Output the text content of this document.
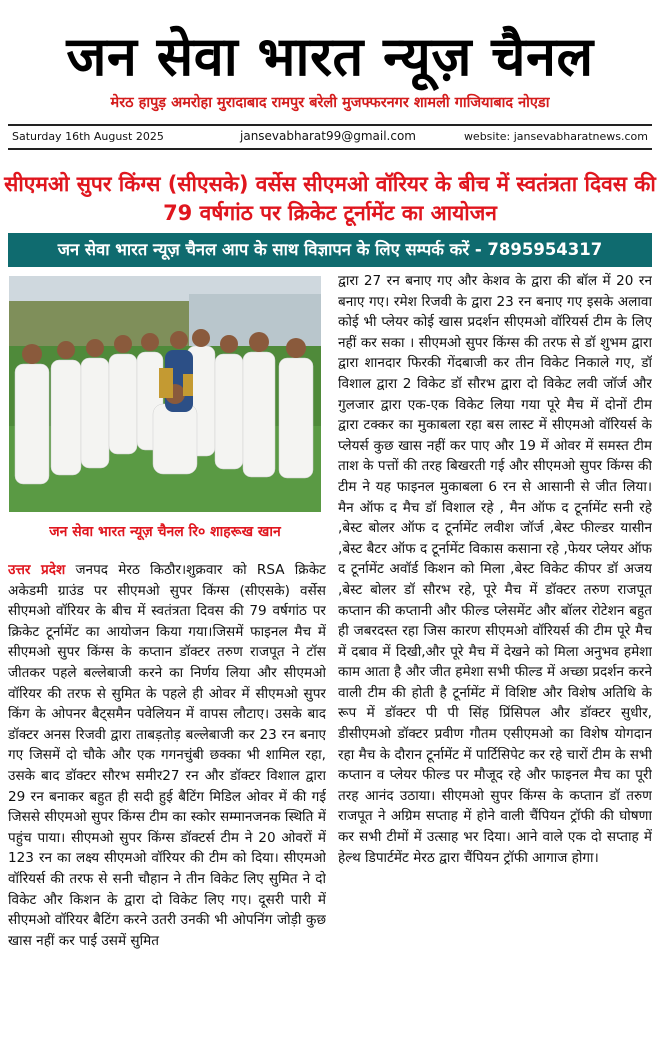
जन सेवा भारत न्यूज़ चैनल
मेरठ हापुड़ अमरोहा मुरादाबाद रामपुर बरेली मुजफ्फरनगर शामली गाजियाबाद नोएडा
Saturday 16th August 2025	jansevabharat99@gmail.com	website: jansevabharatnews.com
सीएमओ सुपर किंग्स (सीएसके) वर्सेस सीएमओ वॉरियर के बीच में स्वतंत्रता दिवस की 79 वर्षगांठ पर क्रिकेट टूर्नामेंट का आयोजन
जन सेवा भारत न्यूज़ चैनल आप के साथ विज्ञापन के लिए सम्पर्क करें - 7895954317
जन सेवा भारत न्यूज़ चैनल रि० शाहरूख खान
उत्तर प्रदेश जनपद मेरठ किठौर।शुक्रवार को RSA क्रिकेट अकेडमी ग्राउंड पर सीएमओ सुपर किंग्स (सीएसके) वर्सेस सीएमओ वॉरियर के बीच में स्वतंत्रता दिवस की 79 वर्षगांठ पर क्रिकेट टूर्नामेंट का आयोजन किया गया।जिसमें फाइनल मैच में सीएमओ सुपर किंग्स के कप्तान डॉक्टर तरुण राजपूत ने टॉस जीतकर पहले बल्लेबाजी करने का निर्णय लिया और सीएमओ वॉरियर की तरफ से सुमित के पहले ही ओवर में सीएमओ सुपर किंग के ओपनर बैट्समैन पवेलियन में वापस लौटाए। उसके बाद डॉक्टर अनस रिजवी द्वारा ताबड़तोड़ बल्लेबाजी कर 23 रन बनाए गए जिसमें दो चौके और एक गगनचुंबी छक्का भी शामिल रहा, उसके बाद डॉक्टर सौरभ समीर27 रन और डॉक्टर विशाल द्वारा 29 रन बनाकर बहुत ही सदी हुई बैटिंग मिडिल ओवर में की गई जिससे सीएमओ सुपर किंग्स टीम का स्कोर सम्मानजनक स्थिति में पहुंच पाया। सीएमओ सुपर किंग्स डॉक्टर्स टीम ने 20 ओवरों में 123 रन का लक्ष्य सीएमओ वॉरियर की टीम को दिया। सीएमओ वॉरियर्स की तरफ से सनी चौहान ने तीन विकेट लिए सुमित ने दो विकेट और किशन के द्वारा दो विकेट लिए गए। दूसरी पारी में सीएमओ वॉरियर बैटिंग करने उतरी उनकी भी ओपनिंग जोड़ी कुछ खास नहीं कर पाई उसमें सुमित
द्वारा 27 रन बनाए गए और केशव के द्वारा की बॉल में 20 रन बनाए गए। रमेश रिजवी के द्वारा 23 रन बनाए गए इसके अलावा कोई भी प्लेयर कोई खास प्रदर्शन सीएमओ वॉरियर्स टीम के लिए नहीं कर सका । सीएमओ सुपर किंग्स की तरफ से डॉ शुभम द्वारा द्वारा शानदार फिरकी गेंदबाजी कर तीन विकेट निकाले गए, डॉ विशाल द्वारा 2 विकेट डॉ सौरभ द्वारा दो विकेट लवी जॉर्ज और गुलजार द्वारा एक-एक विकेट लिया गया पूरे मैच में दोनों टीम द्वारा टक्कर का मुकाबला रहा बस लास्ट में सीएमओ वॉरियर्स के प्लेयर्स कुछ खास नहीं कर पाए और 19 में ओवर में समस्त टीम ताश के पत्तों की तरह बिखरती गई और सीएमओ सुपर किंग्स की टीम ने यह फाइनल मुकाबला 6 रन से आसानी से जीत लिया। मैन ऑफ द मैच डॉ विशाल रहे , मैन ऑफ द टूर्नामेंट सनी रहे ,बेस्ट बोलर ऑफ द टूर्नामेंट लवीश जॉर्ज ,बेस्ट फील्डर यासीन ,बेस्ट बैटर ऑफ द टूर्नामेंट विकास कसाना रहे ,फेयर प्लेयर ऑफ द टूर्नामेंट अवॉर्ड किशन को मिला ,बेस्ट विकेट कीपर डॉ अजय ,बेस्ट बोलर डॉ सौरभ रहे, पूरे मैच में डॉक्टर तरुण राजपूत कप्तान की कप्तानी और फील्ड प्लेसमेंट और बॉलर रोटेशन बहुत ही जबरदस्त रहा जिस कारण सीएमओ वॉरियर्स की टीम पूरे मैच में दबाव में दिखी,और पूरे मैच में देखने को मिला अनुभव हमेशा काम आता है और जीत हमेशा सभी फील्ड में अच्छा प्रदर्शन करने वाली टीम की होती है टूर्नामेंट में विशिष्ट और विशेष अतिथि के रूप में डॉक्टर पी पी सिंह प्रिंसिपल और डॉक्टर सुधीर, डीसीएमओ डॉक्टर प्रवीण गौतम एसीएमओ का विशेष योगदान रहा मैच के दौरान टूर्नामेंट में पार्टिसिपेट कर रहे चारों टीम के सभी कप्तान व प्लेयर फील्ड पर मौजूद रहे और फाइनल मैच का पूरी तरह आनंद उठाया। सीएमओ सुपर किंग्स के कप्तान डॉ तरुण राजपूत ने अग्रिम सप्ताह में होने वाली चैंपियन ट्रॉफी की घोषणा कर सभी टीमों में उत्साह भर दिया। आने वाले एक दो सप्ताह में हेल्थ डिपार्टमेंट मेरठ द्वारा चैंपियन ट्रॉफी आगाज होगा।
